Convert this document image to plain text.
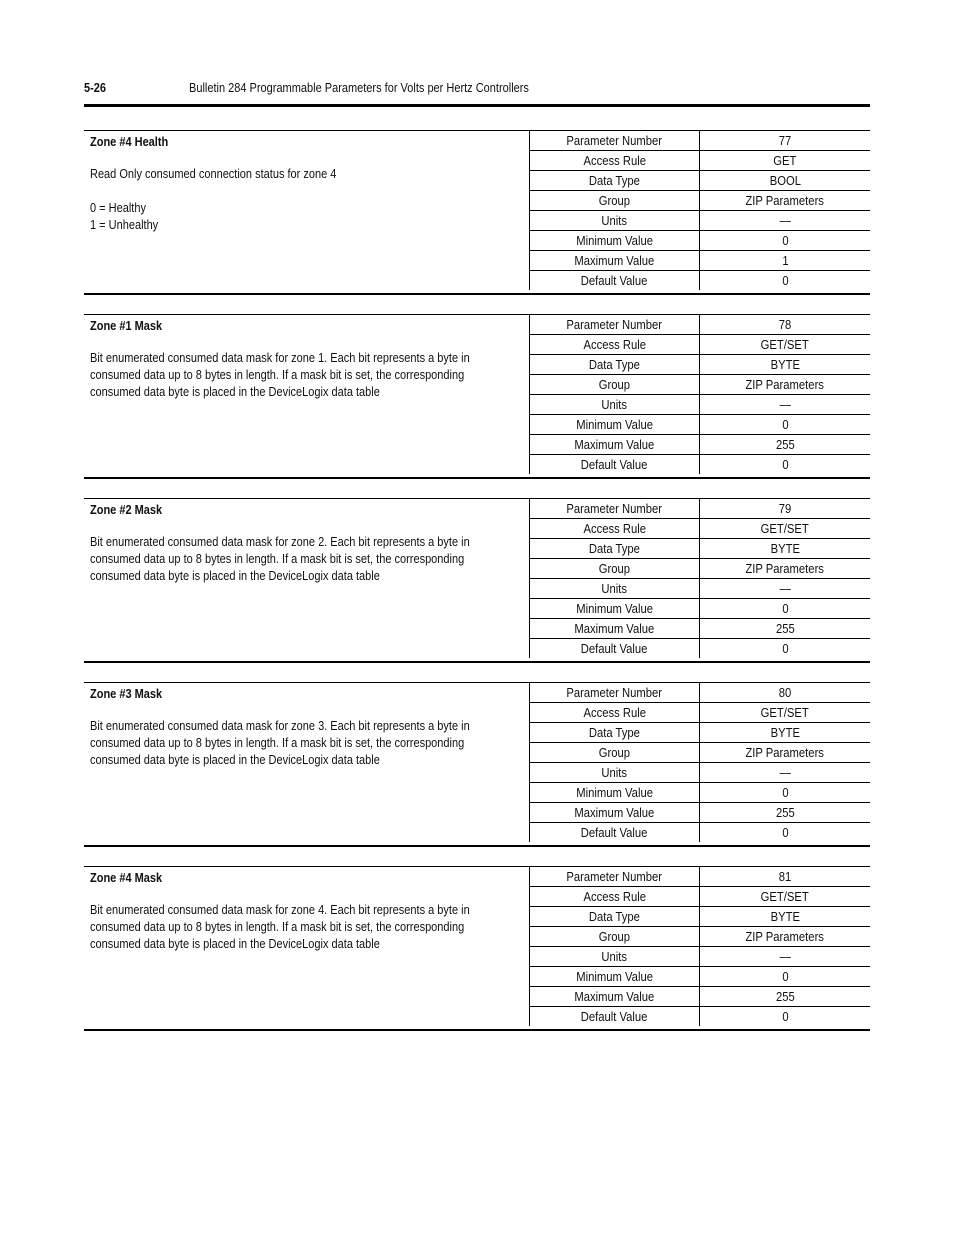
5-26	Bulletin 284 Programmable Parameters for Volts per Hertz Controllers
Zone #4 Health
Read Only consumed connection status for zone 4
0 = Healthy
1 = Unhealthy
Parameter Number	77
Access Rule	GET
Data Type	BOOL
Group	ZIP Parameters
Units	—
Minimum Value	0
Maximum Value	1
Default Value	0
Zone #1 Mask
Bit enumerated consumed data mask for zone 1. Each bit represents a byte in
consumed data up to 8 bytes in length. If a mask bit is set, the corresponding
consumed data byte is placed in the DeviceLogix data table
Parameter Number	78
Access Rule	GET/SET
Data Type	BYTE
Group	ZIP Parameters
Units	—
Minimum Value	0
Maximum Value	255
Default Value	0
Zone #2 Mask
Bit enumerated consumed data mask for zone 2. Each bit represents a byte in
consumed data up to 8 bytes in length. If a mask bit is set, the corresponding
consumed data byte is placed in the DeviceLogix data table
Parameter Number	79
Access Rule	GET/SET
Data Type	BYTE
Group	ZIP Parameters
Units	—
Minimum Value	0
Maximum Value	255
Default Value	0
Zone #3 Mask
Bit enumerated consumed data mask for zone 3. Each bit represents a byte in
consumed data up to 8 bytes in length. If a mask bit is set, the corresponding
consumed data byte is placed in the DeviceLogix data table
Parameter Number	80
Access Rule	GET/SET
Data Type	BYTE
Group	ZIP Parameters
Units	—
Minimum Value	0
Maximum Value	255
Default Value	0
Zone #4 Mask
Bit enumerated consumed data mask for zone 4. Each bit represents a byte in
consumed data up to 8 bytes in length. If a mask bit is set, the corresponding
consumed data byte is placed in the DeviceLogix data table
Parameter Number	81
Access Rule	GET/SET
Data Type	BYTE
Group	ZIP Parameters
Units	—
Minimum Value	0
Maximum Value	255
Default Value	0
